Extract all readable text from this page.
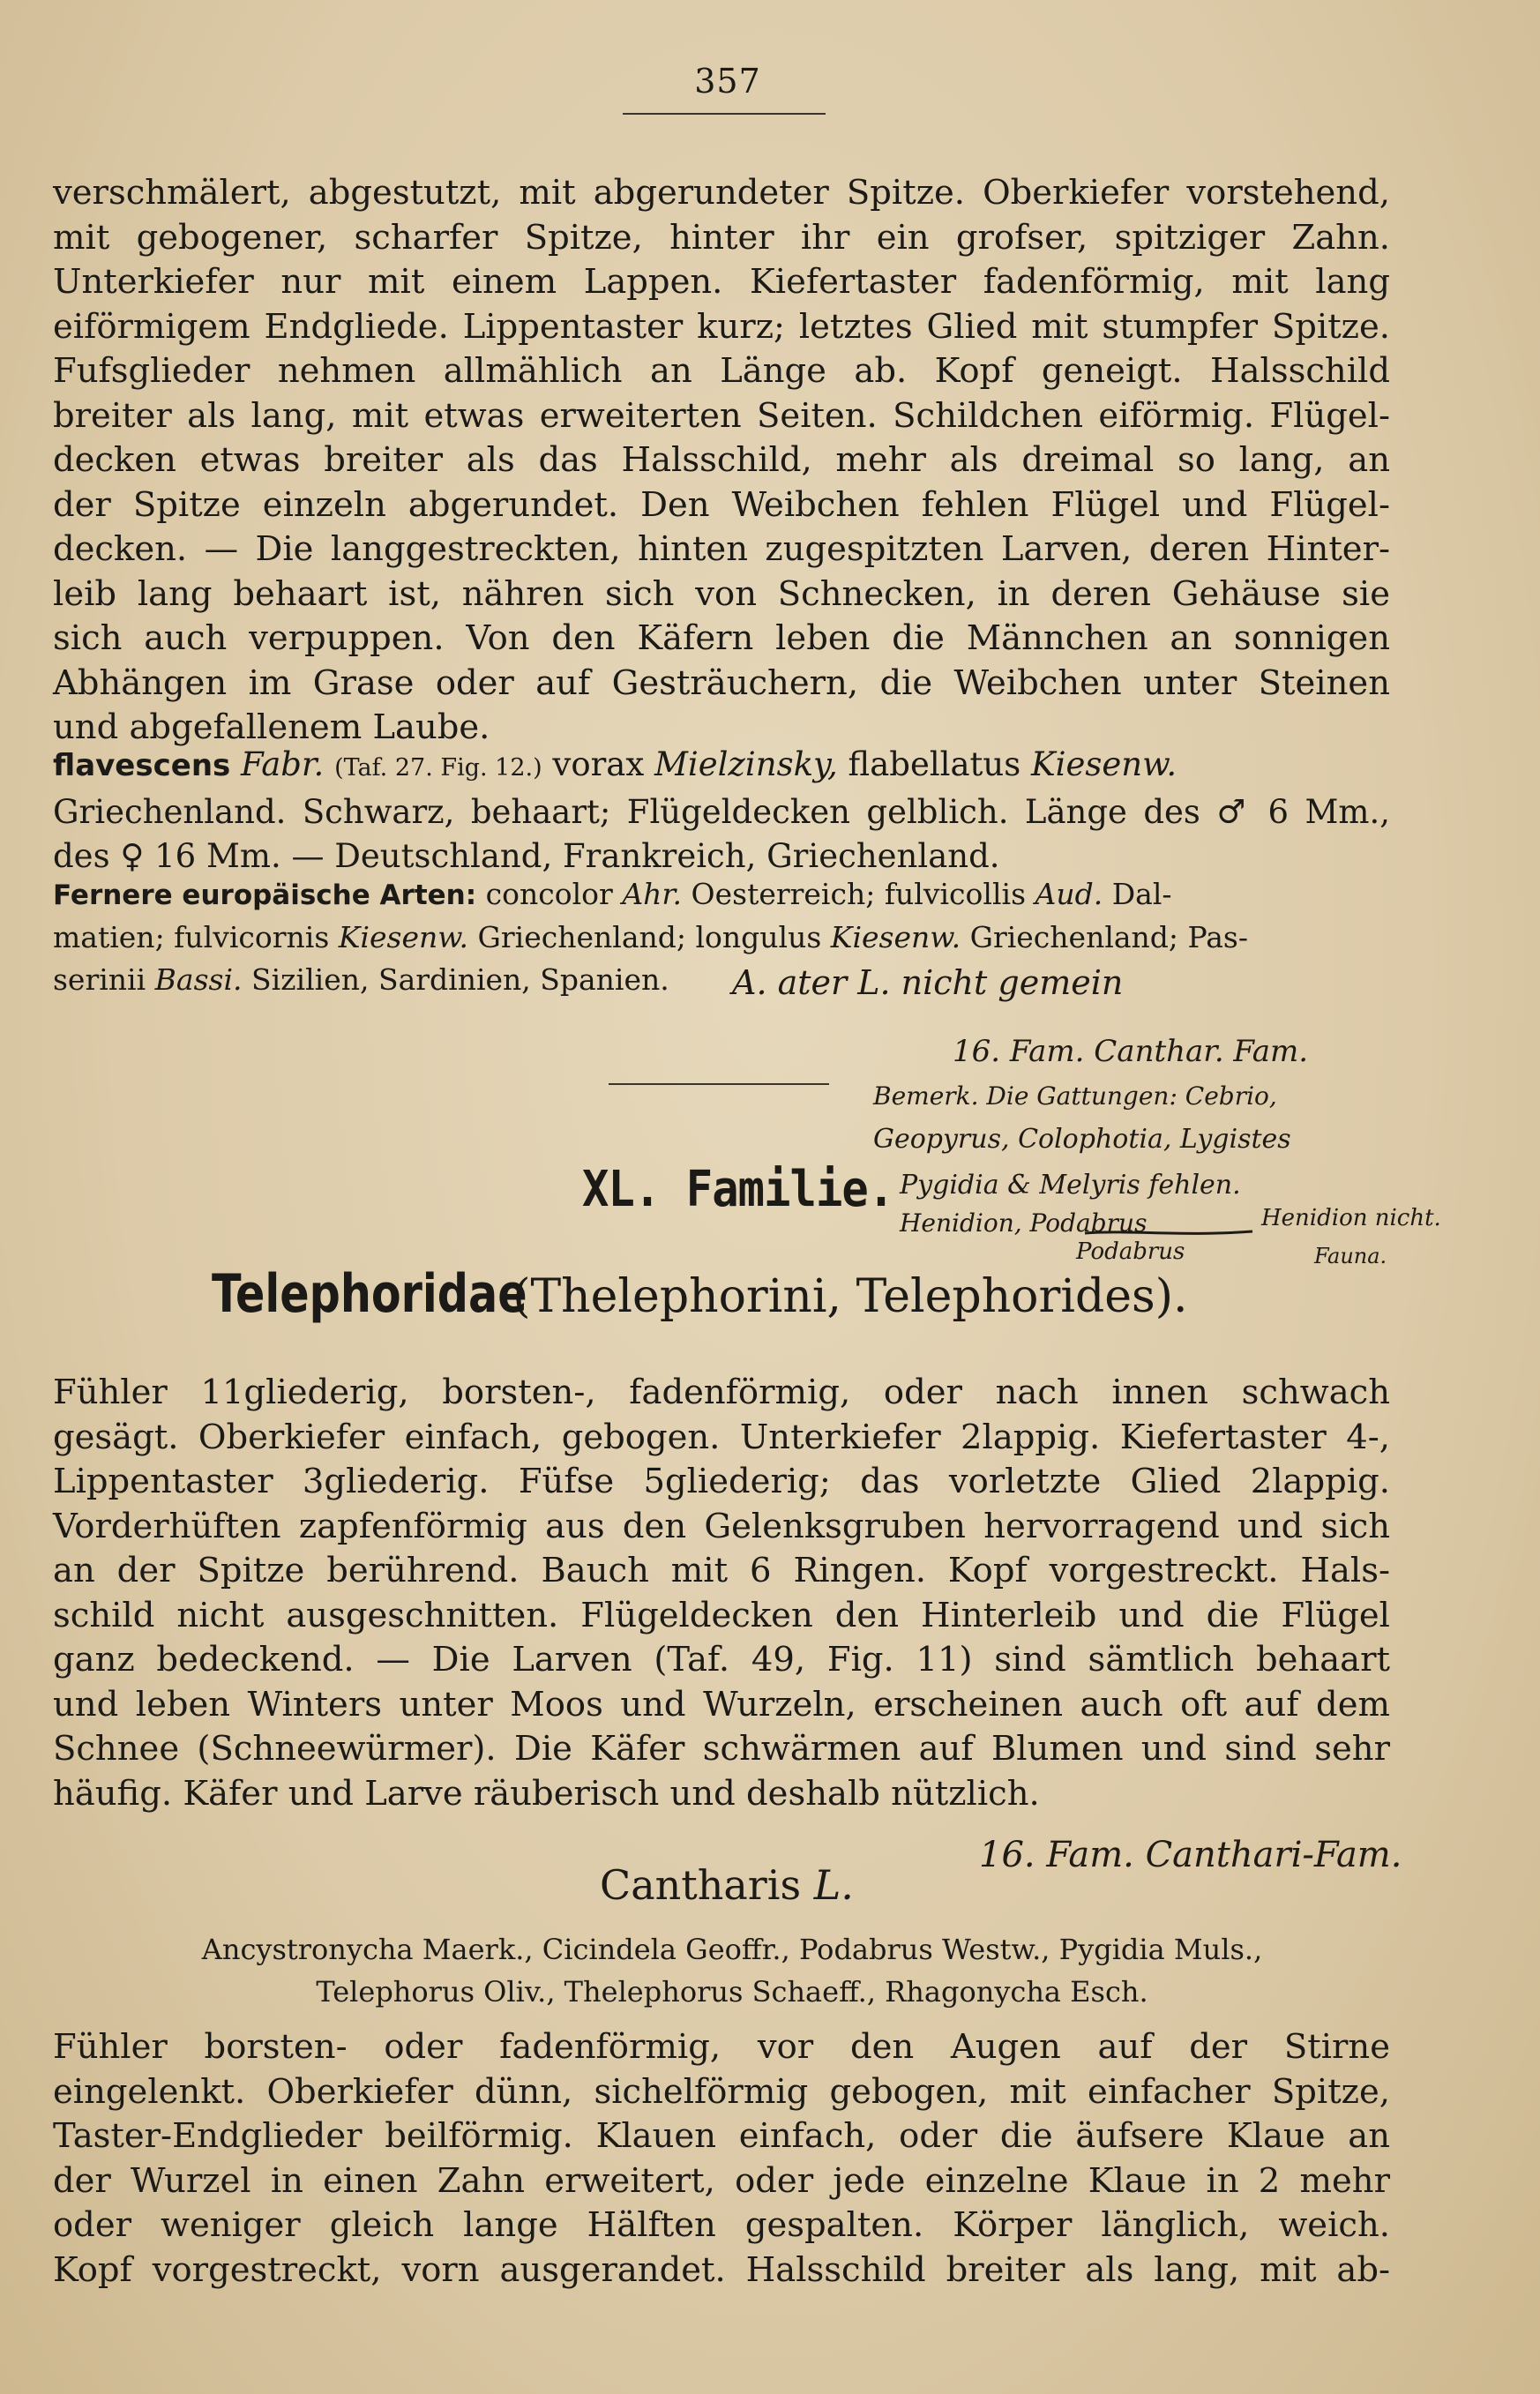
357

verschmälert, abgestutzt, mit abgerundeter Spitze. Oberkiefer vorstehend,

mit gebogener, scharfer Spitze, hinter ihr ein grofser, spitziger Zahn.

Unterkiefer nur mit einem Lappen. Kiefertaster fadenförmig, mit lang

eiförmigem Endgliede. Lippentaster kurz; letztes Glied mit stumpfer Spitze.

Fufsglieder nehmen allmählich an Länge ab. Kopf geneigt. Halsschild

breiter als lang, mit etwas erweiterten Seiten. Schildchen eiförmig. Flügel-

decken etwas breiter als das Halsschild, mehr als dreimal so lang, an

der Spitze einzeln abgerundet. Den Weibchen fehlen Flügel und Flügel-

decken. — Die langgestreckten, hinten zugespitzten Larven, deren Hinter-

leib lang behaart ist, nähren sich von Schnecken, in deren Gehäuse sie

sich auch verpuppen. Von den Käfern leben die Männchen an sonnigen

Abhängen im Grase oder auf Gesträuchern, die Weibchen unter Steinen

und abgefallenem Laube.

flavescens Fabr. (Taf. 27. Fig. 12.) vorax Mielzinsky, flabellatus Kiesenw.

Griechenland. Schwarz, behaart; Flügeldecken gelblich. Länge des ♂ 6 Mm.,

des ♀ 16 Mm. — Deutschland, Frankreich, Griechenland.

Fernere europäische Arten: concolor Ahr. Oesterreich; fulvicollis Aud. Dal-

matien; fulvicornis Kiesenw. Griechenland; longulus Kiesenw. Griechenland; Pas-

serinii Bassi. Sizilien, Sardinien, Spanien.	A. ater L. nicht gemein
16. Fam. Canthar. Fam.
Bemerk. Die Gattungen: Cebrio,
Geopyrus, Colophotia, Lygistes
Pygidia & Melyris fehlen.
Henidion, Podabrus	Henidion nicht.
Podabrus	Fauna.
XL. Familie.
Telephoridae (Thelephorini, Telephorides).

Fühler 11gliederig, borsten-, fadenförmig, oder nach innen schwach

gesägt. Oberkiefer einfach, gebogen. Unterkiefer 2lappig. Kiefertaster 4-,

Lippentaster 3gliederig. Füfse 5gliederig; das vorletzte Glied 2lappig.

Vorderhüften zapfenförmig aus den Gelenksgruben hervorragend und sich

an der Spitze berührend. Bauch mit 6 Ringen. Kopf vorgestreckt. Hals-

schild nicht ausgeschnitten. Flügeldecken den Hinterleib und die Flügel

ganz bedeckend. — Die Larven (Taf. 49, Fig. 11) sind sämtlich behaart

und leben Winters unter Moos und Wurzeln, erscheinen auch oft auf dem

Schnee (Schneewürmer). Die Käfer schwärmen auf Blumen und sind sehr

häufig. Käfer und Larve räuberisch und deshalb nützlich.

Cantharis L.
16. Fam. Canthari-Fam.
Ancystronycha Maerk., Cicindela Geoffr., Podabrus Westw., Pygidia Muls.,
Telephorus Oliv., Thelephorus Schaeff., Rhagonycha Esch.

Fühler borsten- oder fadenförmig, vor den Augen auf der Stirne

eingelenkt. Oberkiefer dünn, sichelförmig gebogen, mit einfacher Spitze,

Taster-Endglieder beilförmig. Klauen einfach, oder die äufsere Klaue an

der Wurzel in einen Zahn erweitert, oder jede einzelne Klaue in 2 mehr

oder weniger gleich lange Hälften gespalten. Körper länglich, weich.

Kopf vorgestreckt, vorn ausgerandet. Halsschild breiter als lang, mit ab-
